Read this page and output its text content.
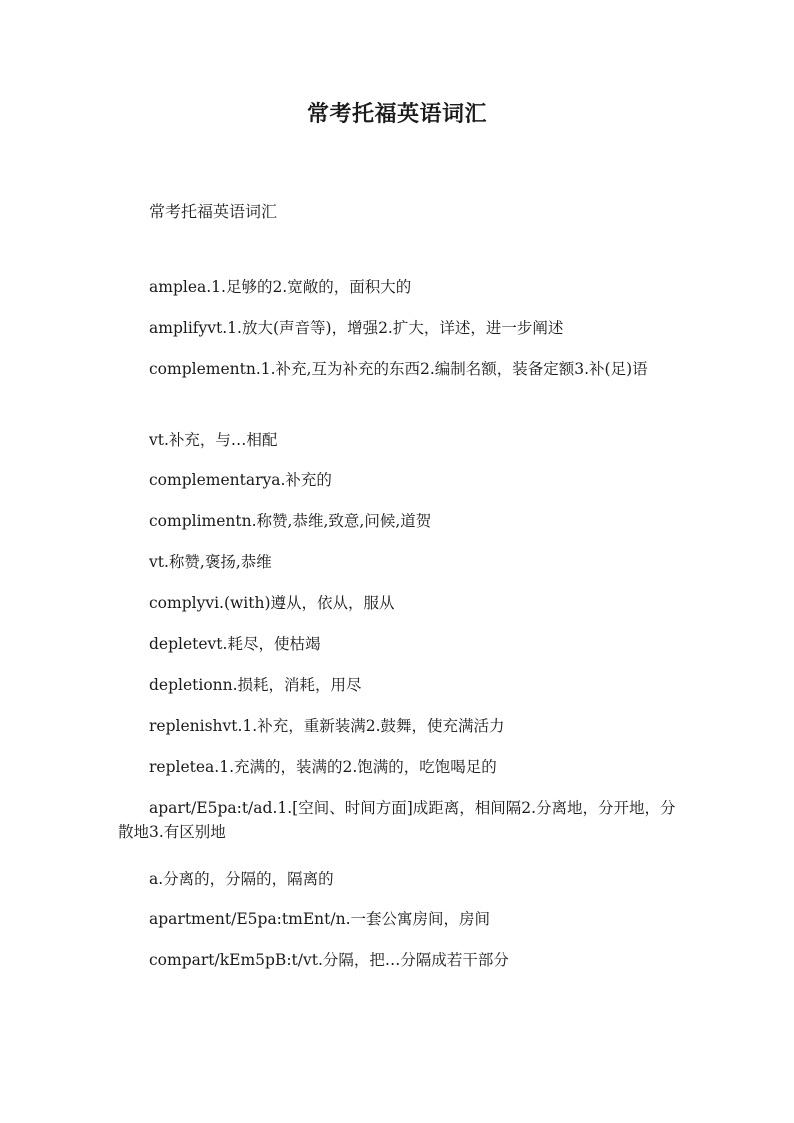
常考托福英语词汇

常考托福英语词汇

amplea.1.足够的2.宽敞的，面积大的

amplifyvt.1.放大(声音等)，增强2.扩大，详述，进一步阐述

complementn.1.补充,互为补充的东西2.编制名额，装备定额3.补(足)语

vt.补充，与…相配

complementarya.补充的

complimentn.称赞,恭维,致意,问候,道贺

vt.称赞,褒扬,恭维

complyvi.(with)遵从，依从，服从

depletevt.耗尽，使枯竭

depletionn.损耗，消耗，用尽

replenishvt.1.补充，重新装满2.鼓舞，使充满活力

repletea.1.充满的，装满的2.饱满的，吃饱喝足的

apart/E5pa:t/ad.1.[空间、时间方面]成距离，相间隔2.分离地，分开地，分散地3.有区别地

a.分离的，分隔的，隔离的

apartment/E5pa:tmEnt/n.一套公寓房间，房间

compart/kEm5pB:t/vt.分隔，把…分隔成若干部分
